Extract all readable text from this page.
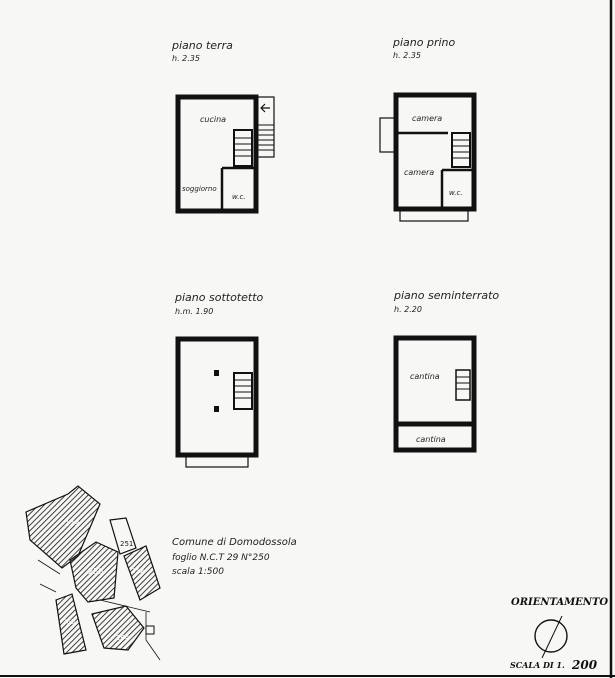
piano terra
h. 2.35
cucina
soggiorno
w.c.
piano prino
h. 2.35
camera
camera
w.c.
piano sottotetto
h.m. 1.90
piano seminterrato
h. 2.20
cantina
cantina
229
251
250	252
263
264
Comune di Domodossola
foglio N.C.T 29 N°250
scala 1:500
ORIENTAMENTO
SCALA DI 1. 200
